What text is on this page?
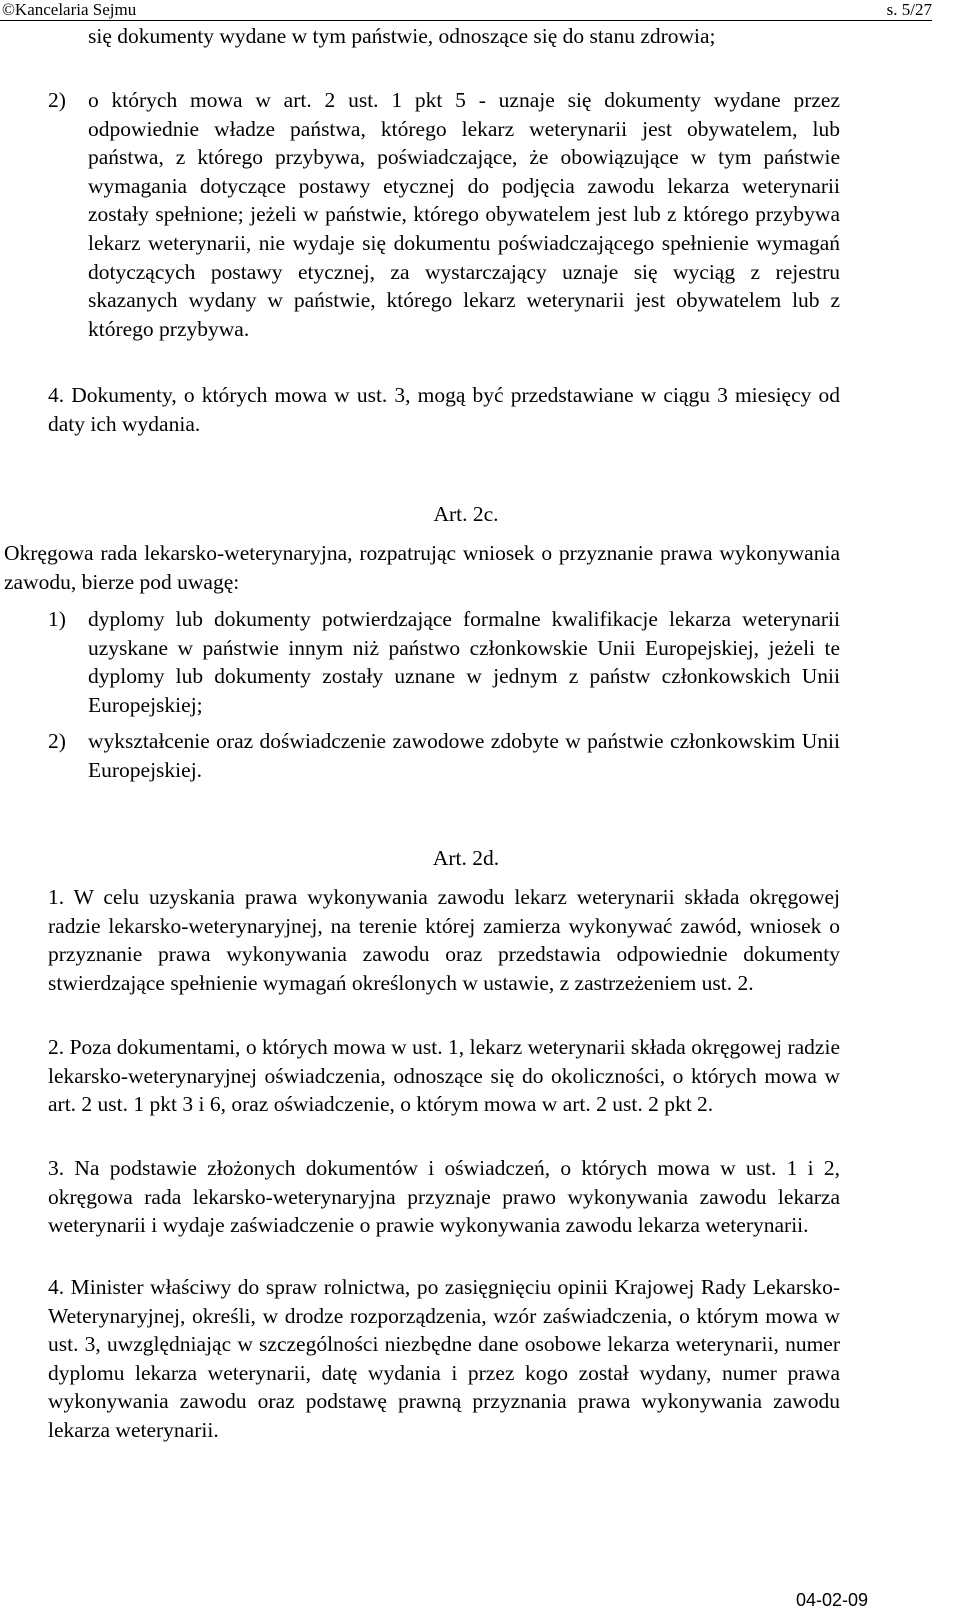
©Kancelaria Sejmu	s. 5/27

się dokumenty wydane w tym państwie, odnoszące się do stanu zdrowia;

2) o których mowa w art. 2 ust. 1 pkt 5 - uznaje się dokumenty wydane przez odpowiednie władze państwa, którego lekarz weterynarii jest obywatelem, lub państwa, z którego przybywa, poświadczające, że obowiązujące w tym państwie wymagania dotyczące postawy etycznej do podjęcia zawodu lekarza weterynarii zostały spełnione; jeżeli w państwie, którego obywatelem jest lub z którego przybywa lekarz weterynarii, nie wydaje się dokumentu poświadczającego spełnienie wymagań dotyczących postawy etycznej, za wystarczający uznaje się wyciąg z rejestru skazanych wydany w państwie, którego lekarz weterynarii jest obywatelem lub z którego przybywa.

4. Dokumenty, o których mowa w ust. 3, mogą być przedstawiane w ciągu 3 miesięcy od daty ich wydania.

Art. 2c.

Okręgowa rada lekarsko-weterynaryjna, rozpatrując wniosek o przyznanie prawa wykonywania zawodu, bierze pod uwagę:

1) dyplomy lub dokumenty potwierdzające formalne kwalifikacje lekarza weterynarii uzyskane w państwie innym niż państwo członkowskie Unii Europejskiej, jeżeli te dyplomy lub dokumenty zostały uznane w jednym z państw członkowskich Unii Europejskiej;

2) wykształcenie oraz doświadczenie zawodowe zdobyte w państwie członkowskim Unii Europejskiej.

Art. 2d.

1. W celu uzyskania prawa wykonywania zawodu lekarz weterynarii składa okręgowej radzie lekarsko-weterynaryjnej, na terenie której zamierza wykonywać zawód, wniosek o przyznanie prawa wykonywania zawodu oraz przedstawia odpowiednie dokumenty stwierdzające spełnienie wymagań określonych w ustawie, z zastrzeżeniem ust. 2.

2. Poza dokumentami, o których mowa w ust. 1, lekarz weterynarii składa okręgowej radzie lekarsko-weterynaryjnej oświadczenia, odnoszące się do okoliczności, o których mowa w art. 2 ust. 1 pkt 3 i 6, oraz oświadczenie, o którym mowa w art. 2 ust. 2 pkt 2.

3. Na podstawie złożonych dokumentów i oświadczeń, o których mowa w ust. 1 i 2, okręgowa rada lekarsko-weterynaryjna przyznaje prawo wykonywania zawodu lekarza weterynarii i wydaje zaświadczenie o prawie wykonywania zawodu lekarza weterynarii.

4. Minister właściwy do spraw rolnictwa, po zasięgnięciu opinii Krajowej Rady Lekarsko-Weterynaryjnej, określi, w drodze rozporządzenia, wzór zaświadczenia, o którym mowa w ust. 3, uwzględniając w szczególności niezbędne dane osobowe lekarza weterynarii, numer dyplomu lekarza weterynarii, datę wydania i przez kogo został wydany, numer prawa wykonywania zawodu oraz podstawę prawną przyznania prawa wykonywania zawodu lekarza weterynarii.

04-02-09
